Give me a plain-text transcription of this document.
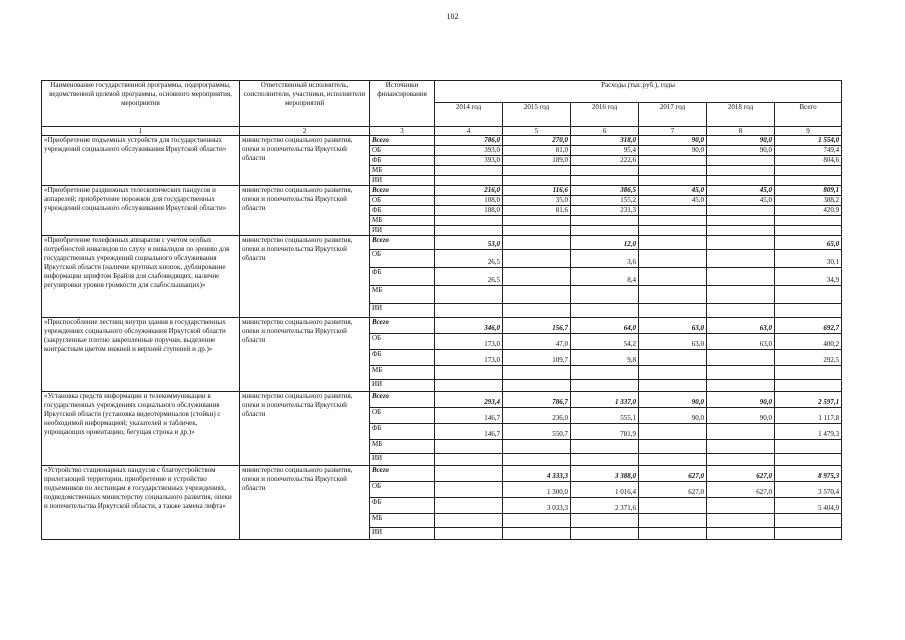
102
Наименование государственной программы, подпрограммы, ведомственной целевой программы, основного мероприятия, мероприятия	Ответственный исполнитель, соисполнители, участники, исполнители мероприятий	Источники финансирования	Расходы (тыс.руб.), годы					
			2014 год	2015 год	2016 год	2017 год	2018 год	Всего
1	2	3	4	5	6	7	8	9
«Приобретение подъемных устройств для государственных учреждений социального обслуживания Иркутской области»	министерство социального развития, опеки и попечительства Иркутской области	Всего	786,0	270,0	318,0	90,0	90,0	1 554,0
		ОБ	393,0	81,0	95,4	90,0	90,0	749,4
		ФБ	393,0	189,0	222,6			804,6
		МБ						
		ИИ						
«Приобретение раздвижных телескопических пандусов и аппарелей; приобретение порожков для государственных учреждений социального обслуживания Иркутской области»	министерство социального развития, опеки и попечительства Иркутской области	Всего	216,0	116,6	386,5	45,0	45,0	809,1
		ОБ	108,0	35,0	155,2	45,0	45,0	388,2
		ФБ	108,0	81,6	231,3			420,9
		МБ						
		ИИ						
«Приобретение телефонных аппаратов с учетом особых потребностей инвалидов по слуху и инвалидов по зрению для государственных учреждений социального обслуживания Иркутской области (наличие крупных кнопок, дублирование информации шрифтом Брайля для слабовидящих, наличие регулировки уровня громкости для слабослышащих)»	министерство социального развития, опеки и попечительства Иркутской области	Всего	53,0		12,0			65,0
		ОБ	26,5		3,6			30,1
		ФБ	26,5		8,4			34,9
		МБ						
		ИИ						
«Приспособление лестниц внутри здания в государственных учреждениях социального обслуживания Иркутской области (закругленные плотно закрепленные поручни, выделение контрастным цветом нижней и верхней ступеней и др.)»	министерство социального развития, опеки и попечительства Иркутской области	Всего	346,0	156,7	64,0	63,0	63,0	692,7
		ОБ	173,0	47,0	54,2	63,0	63,0	400,2
		ФБ	173,0	109,7	9,8			292,5
		МБ						
		ИИ						
«Установка средств информации и телекоммуникации в государственных учреждениях социального обслуживания Иркутской области (установка видеотерминалов (стойки) с необходимой информацией; указателей и табличек, упрощающих ориентацию; бегущая строка и др.)»	министерство социального развития, опеки и попечительства Иркутской области	Всего	293,4	786,7	1 337,0	90,0	90,0	2 597,1
		ОБ	146,7	236,0	555,1	90,0	90,0	1 117,8
		ФБ	146,7	550,7	781,9			1 479,3
		МБ						
		ИИ						
«Устройство стационарных пандусов с благоустройством прилегающей территории, приобретение и устройство подъемников по лестницам в государственных учреждениях, подведомственных министерству социального развития, опеки и попечительства Иркутской области, а также замена лифта»	министерство социального развития, опеки и попечительства Иркутской области	Всего		4 333,3	3 388,0	627,0	627,0	8 975,3
		ОБ		1 300,0	1 016,4	627,0	627,0	3 570,4
		ФБ		3 033,3	2 371,6			5 404,9
		МБ						
		ИИ						
